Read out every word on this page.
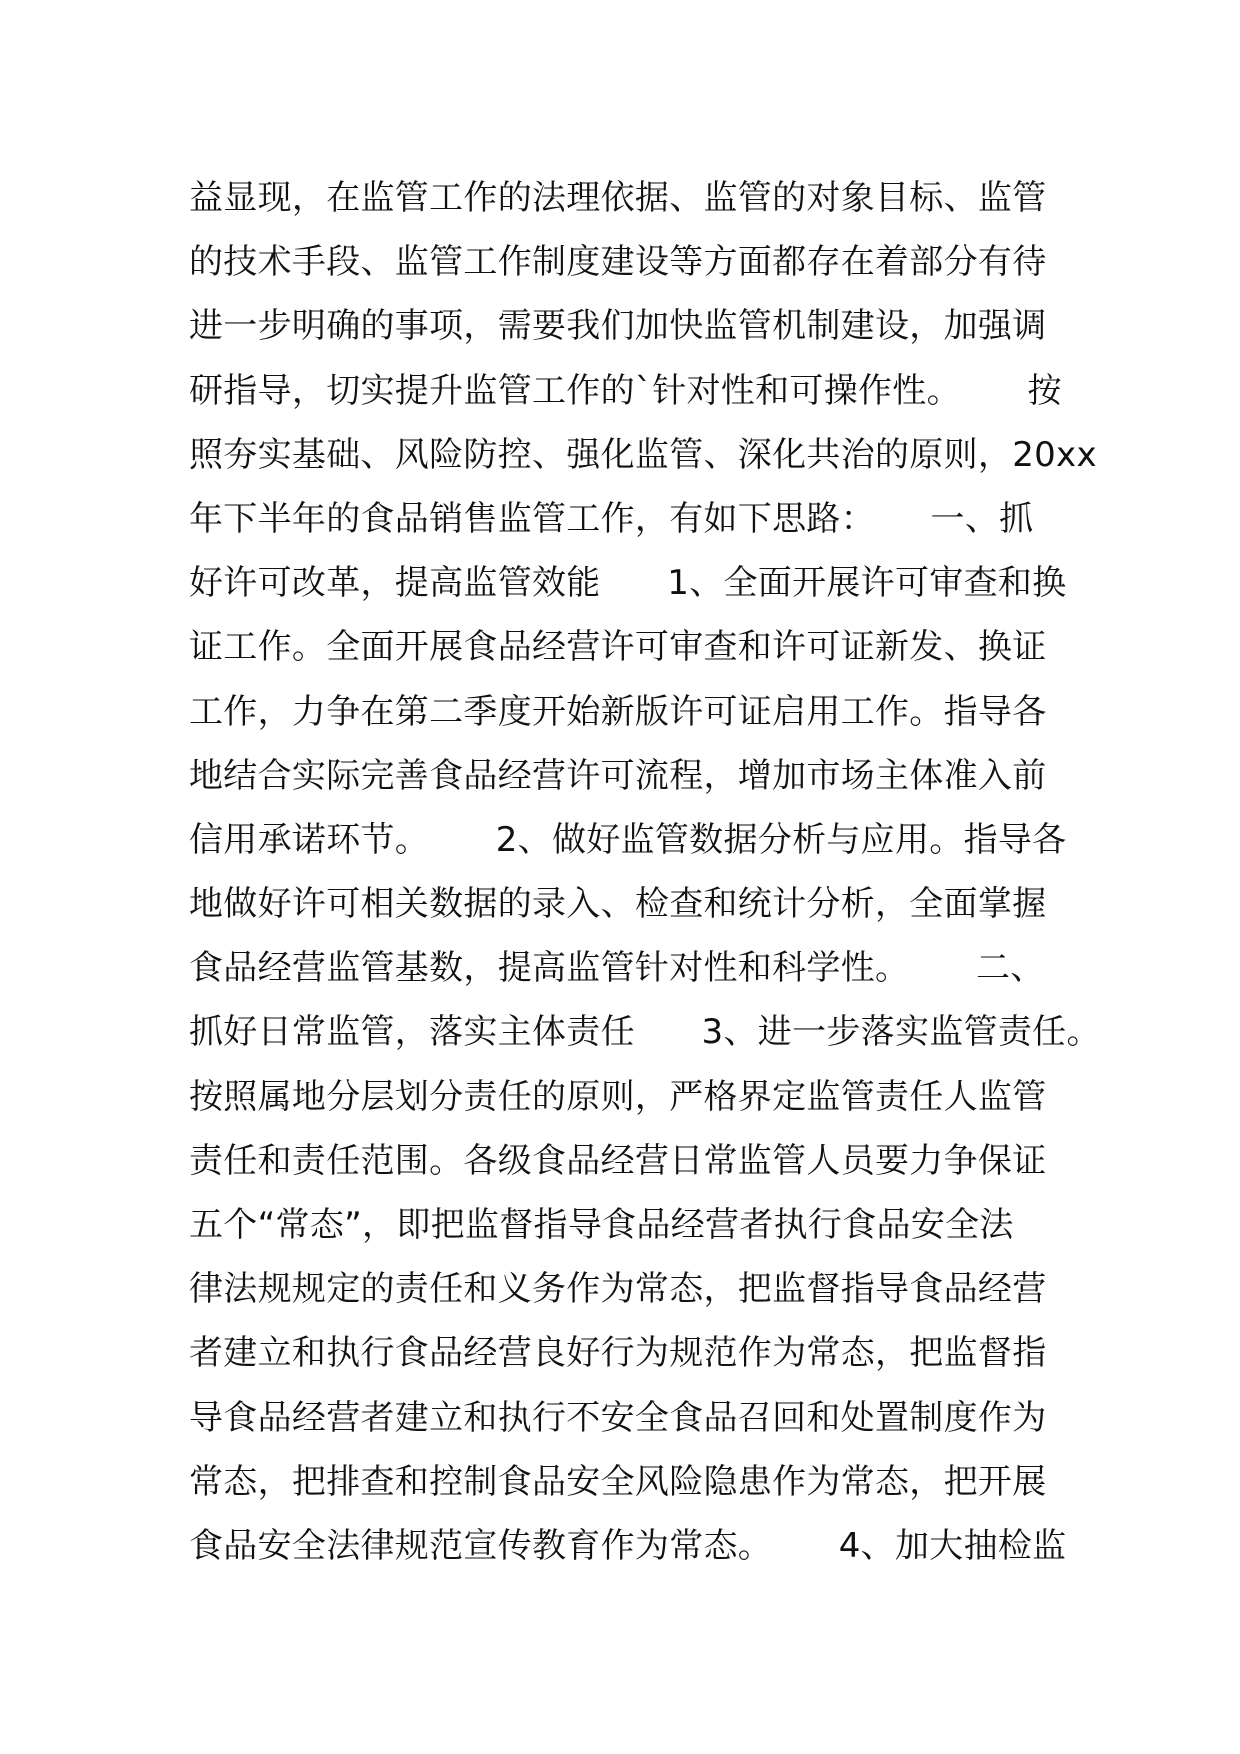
益显现，在监管工作的法理依据、监管的对象目标、监管
的技术手段、监管工作制度建设等方面都存在着部分有待
进一步明确的事项，需要我们加快监管机制建设，加强调
研指导，切实提升监管工作的`针对性和可操作性。      按
照夯实基础、风险防控、强化监管、深化共治的原则，20xx
年下半年的食品销售监管工作，有如下思路：     一、抓
好许可改革，提高监管效能      1、全面开展许可审查和换
证工作。全面开展食品经营许可审查和许可证新发、换证
工作，力争在第二季度开始新版许可证启用工作。指导各
地结合实际完善食品经营许可流程，增加市场主体准入前
信用承诺环节。      2、做好监管数据分析与应用。指导各
地做好许可相关数据的录入、检查和统计分析，全面掌握
食品经营监管基数，提高监管针对性和科学性。      二、
抓好日常监管，落实主体责任      3、进一步落实监管责任。
按照属地分层划分责任的原则，严格界定监管责任人监管
责任和责任范围。各级食品经营日常监管人员要力争保证
五个“常态”，即把监督指导食品经营者执行食品安全法
律法规规定的责任和义务作为常态，把监督指导食品经营
者建立和执行食品经营良好行为规范作为常态，把监督指
导食品经营者建立和执行不安全食品召回和处置制度作为
常态，把排查和控制食品安全风险隐患作为常态，把开展
食品安全法律规范宣传教育作为常态。      4、加大抽检监
